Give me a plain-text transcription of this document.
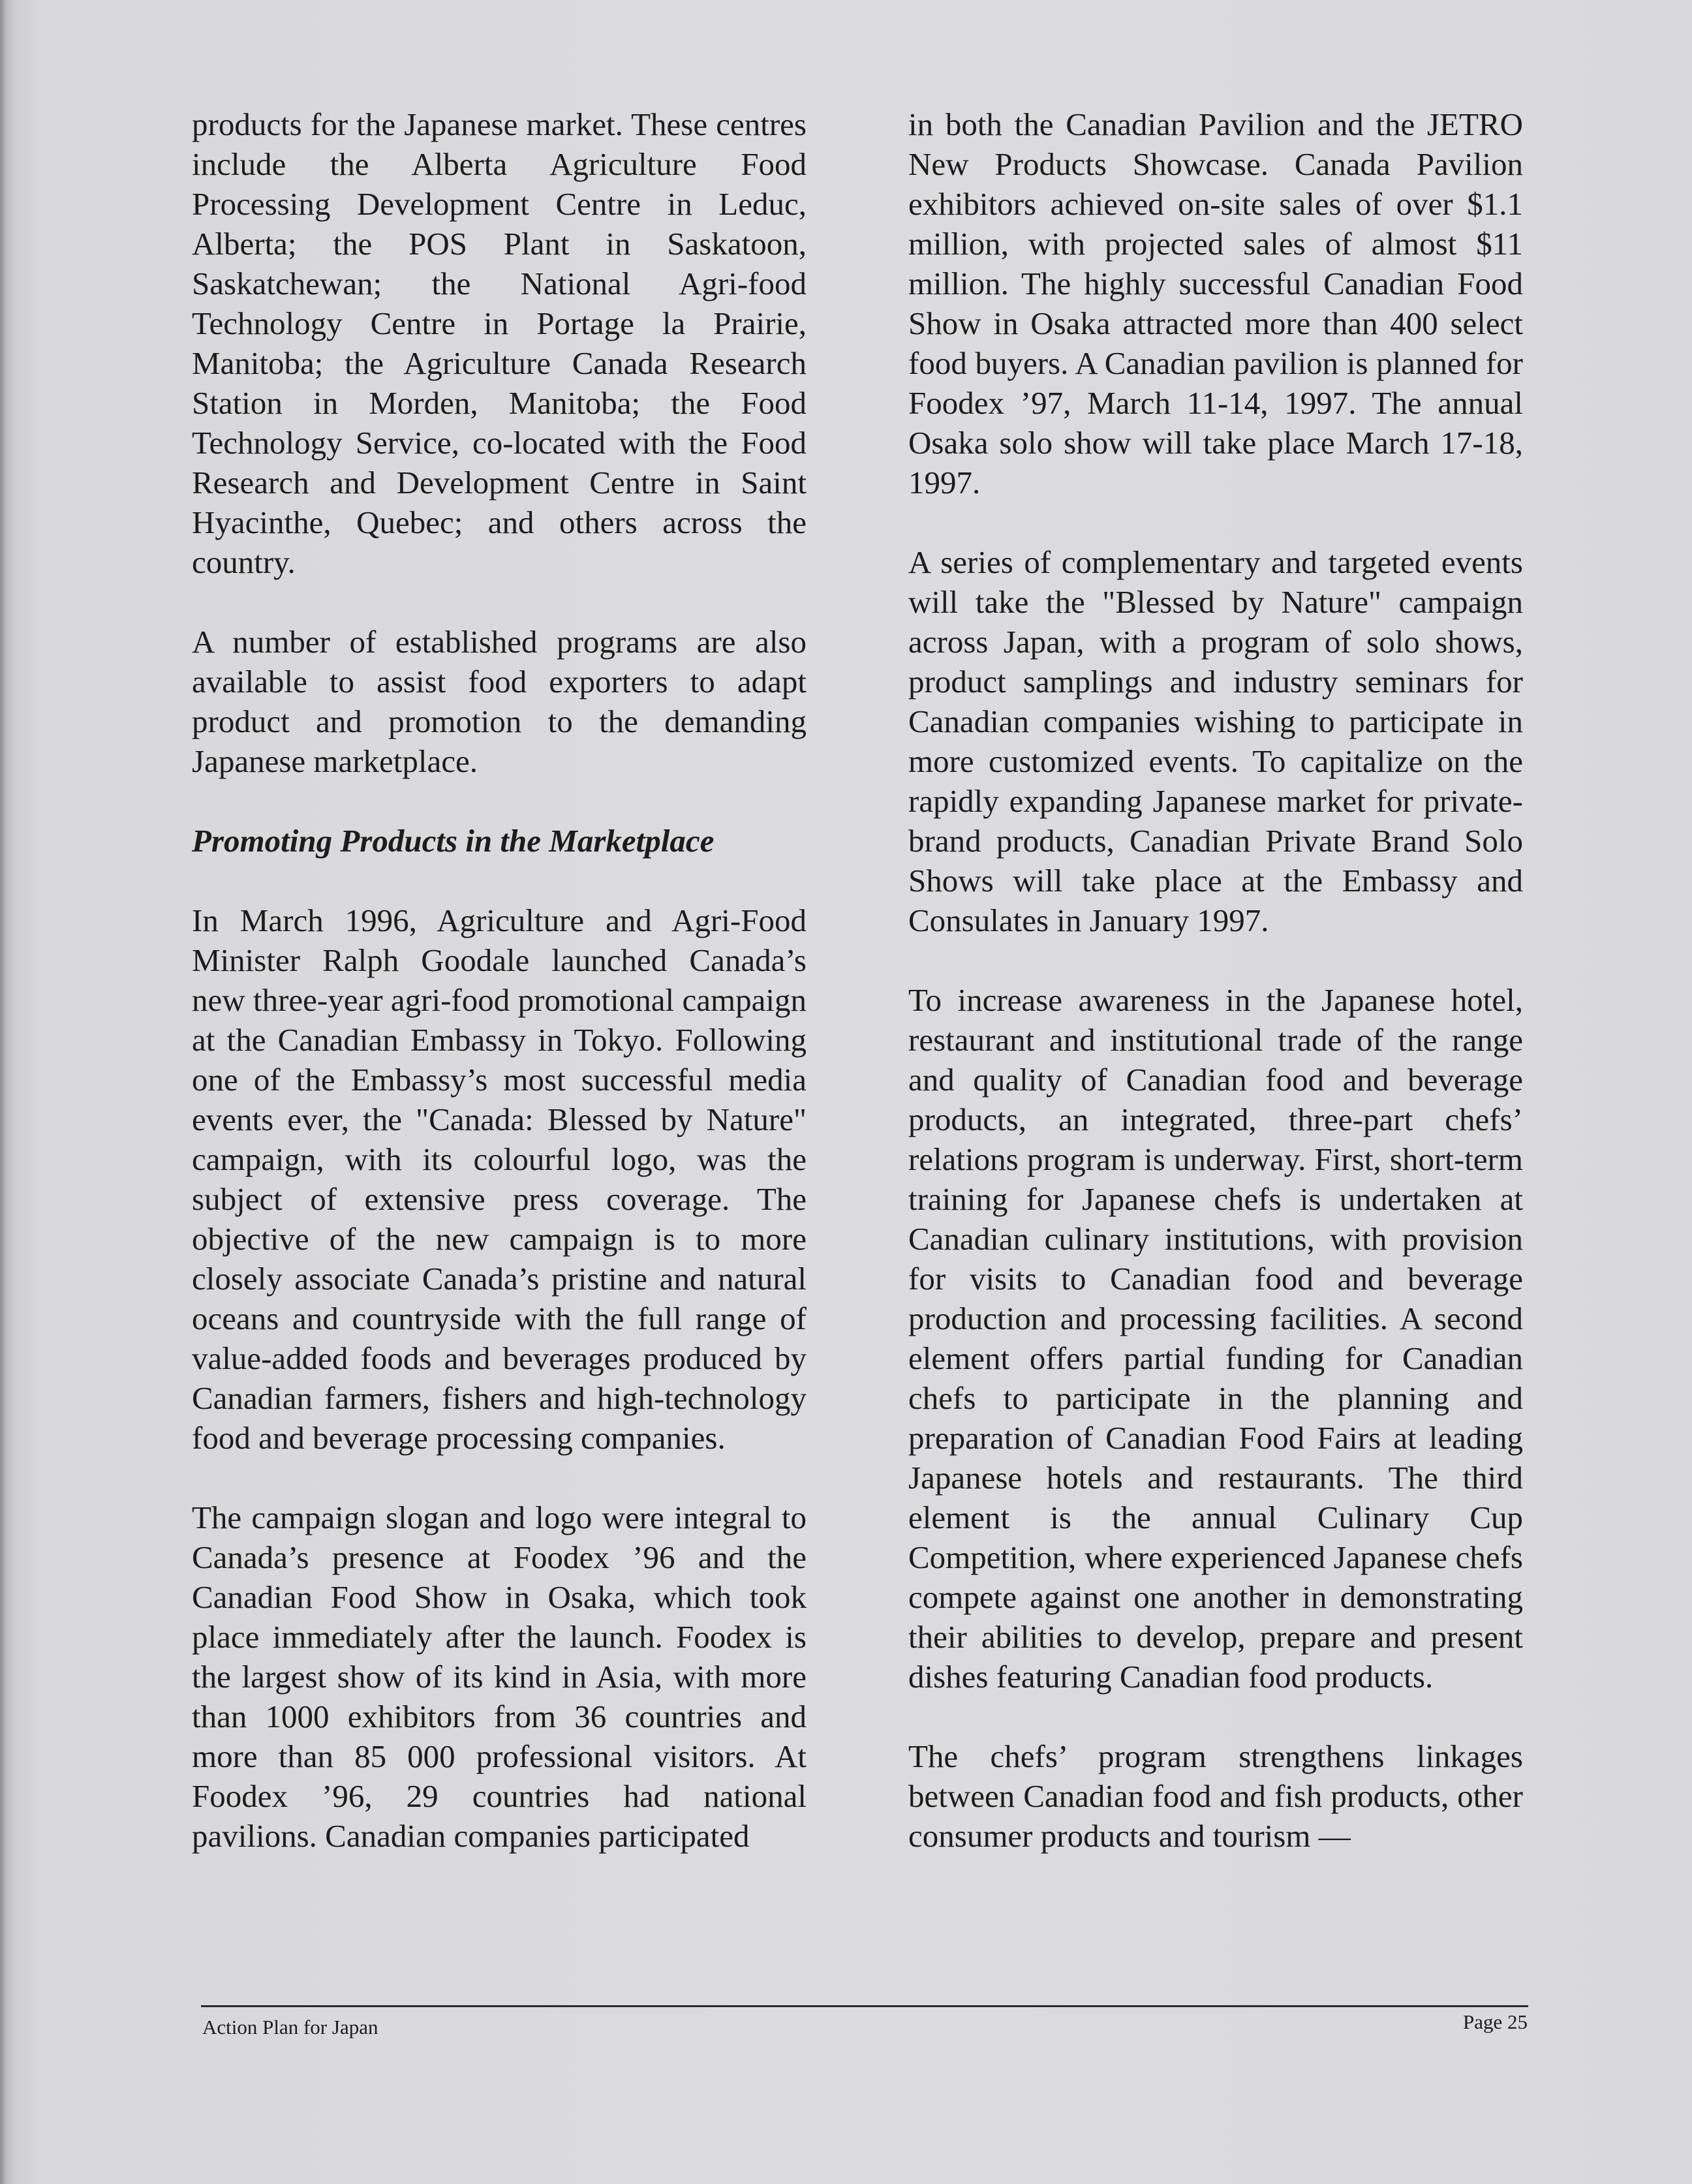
products for the Japanese market. These centres include the Alberta Agriculture Food Processing Development Centre in Leduc, Alberta; the POS Plant in Saskatoon, Saskatchewan; the National Agri-food Technology Centre in Portage la Prairie, Manitoba; the Agriculture Canada Research Station in Morden, Manitoba; the Food Technology Service, co-located with the Food Research and Development Centre in Saint Hyacinthe, Quebec; and others across the country.

A number of established programs are also available to assist food exporters to adapt product and promotion to the demanding Japanese marketplace.

Promoting Products in the Marketplace

In March 1996, Agriculture and Agri-Food Minister Ralph Goodale launched Canada’s new three-year agri-food promotional campaign at the Canadian Embassy in Tokyo. Following one of the Embassy’s most successful media events ever, the "Canada: Blessed by Nature" campaign, with its colourful logo, was the subject of extensive press coverage. The objective of the new campaign is to more closely associate Canada’s pristine and natural oceans and countryside with the full range of value-added foods and beverages produced by Canadian farmers, fishers and high-technology food and beverage processing companies.

The campaign slogan and logo were integral to Canada’s presence at Foodex ’96 and the Canadian Food Show in Osaka, which took place immediately after the launch. Foodex is the largest show of its kind in Asia, with more than 1000 exhibitors from 36 countries and more than 85 000 professional visitors. At Foodex ’96, 29 countries had national pavilions. Canadian companies participated

in both the Canadian Pavilion and the JETRO New Products Showcase. Canada Pavilion exhibitors achieved on-site sales of over $1.1 million, with projected sales of almost $11 million. The highly successful Canadian Food Show in Osaka attracted more than 400 select food buyers. A Canadian pavilion is planned for Foodex ’97, March 11-14, 1997. The annual Osaka solo show will take place March 17-18, 1997.

A series of complementary and targeted events will take the "Blessed by Nature" campaign across Japan, with a program of solo shows, product samplings and industry seminars for Canadian companies wishing to participate in more customized events. To capitalize on the rapidly expanding Japanese market for private-brand products, Canadian Private Brand Solo Shows will take place at the Embassy and Consulates in January 1997.

To increase awareness in the Japanese hotel, restaurant and institutional trade of the range and quality of Canadian food and beverage products, an integrated, three-part chefs’ relations program is underway. First, short-term training for Japanese chefs is undertaken at Canadian culinary institutions, with provision for visits to Canadian food and beverage production and processing facilities. A second element offers partial funding for Canadian chefs to participate in the planning and preparation of Canadian Food Fairs at leading Japanese hotels and restaurants. The third element is the annual Culinary Cup Competition, where experienced Japanese chefs compete against one another in demonstrating their abilities to develop, prepare and present dishes featuring Canadian food products.

The chefs’ program strengthens linkages between Canadian food and fish products, other consumer products and tourism —

Action Plan for Japan	Page 25
